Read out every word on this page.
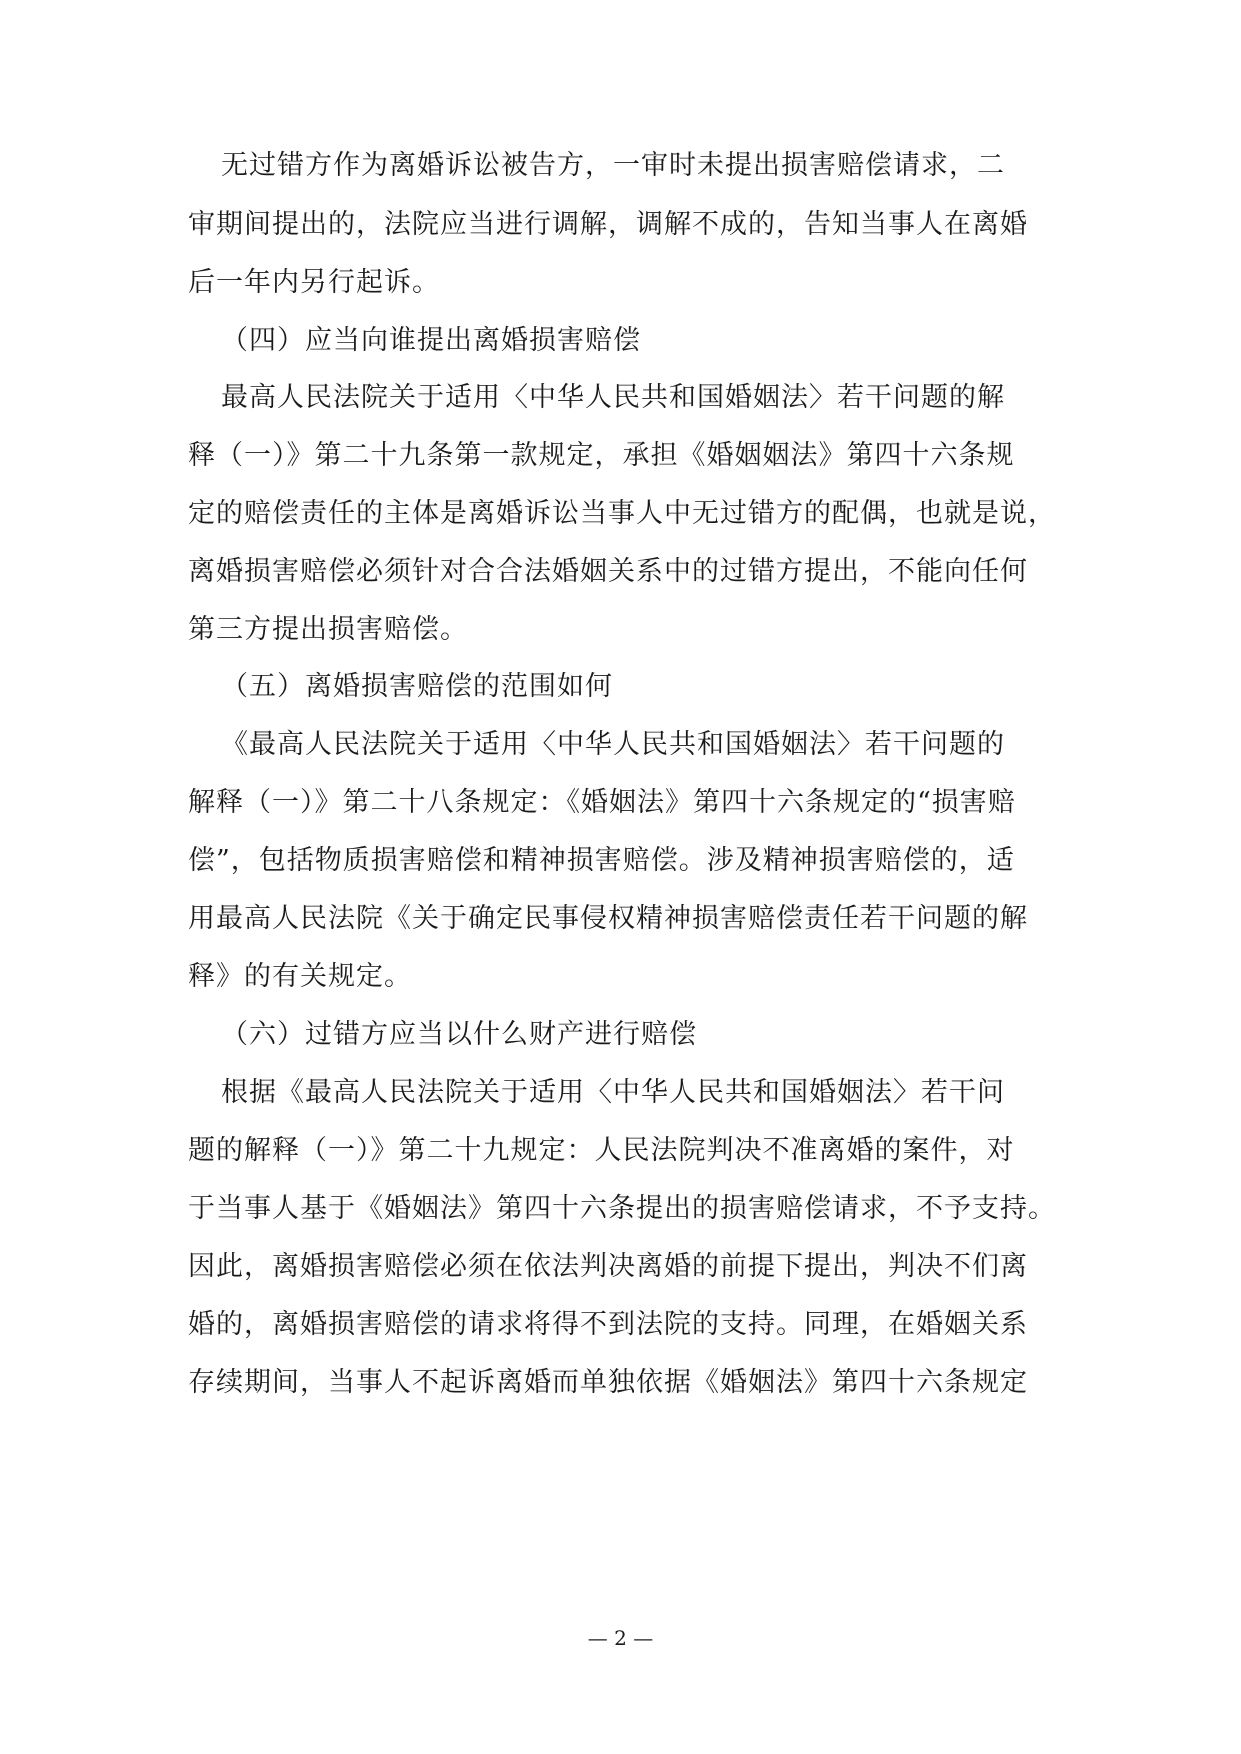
无过错方作为离婚诉讼被告方，一审时未提出损害赔偿请求，二
审期间提出的，法院应当进行调解，调解不成的，告知当事人在离婚
后一年内另行起诉。
（四）应当向谁提出离婚损害赔偿
最高人民法院关于适用〈中华人民共和国婚姻法〉若干问题的解
释（一）》第二十九条第一款规定，承担《婚姻姻法》第四十六条规
定的赔偿责任的主体是离婚诉讼当事人中无过错方的配偶，也就是说，
离婚损害赔偿必须针对合合法婚姻关系中的过错方提出，不能向任何
第三方提出损害赔偿。
（五）离婚损害赔偿的范围如何
《最高人民法院关于适用〈中华人民共和国婚姻法〉若干问题的
解释（一）》第二十八条规定：《婚姻法》第四十六条规定的“损害赔
偿”，包括物质损害赔偿和精神损害赔偿。涉及精神损害赔偿的，适
用最高人民法院《关于确定民事侵权精神损害赔偿责任若干问题的解
释》的有关规定。
（六）过错方应当以什么财产进行赔偿
根据《最高人民法院关于适用〈中华人民共和国婚姻法〉若干问
题的解释（一）》第二十九规定：人民法院判决不准离婚的案件，对
于当事人基于《婚姻法》第四十六条提出的损害赔偿请求，不予支持。
因此，离婚损害赔偿必须在依法判决离婚的前提下提出，判决不们离
婚的，离婚损害赔偿的请求将得不到法院的支持。同理，在婚姻关系
存续期间，当事人不起诉离婚而单独依据《婚姻法》第四十六条规定
— 2 —
